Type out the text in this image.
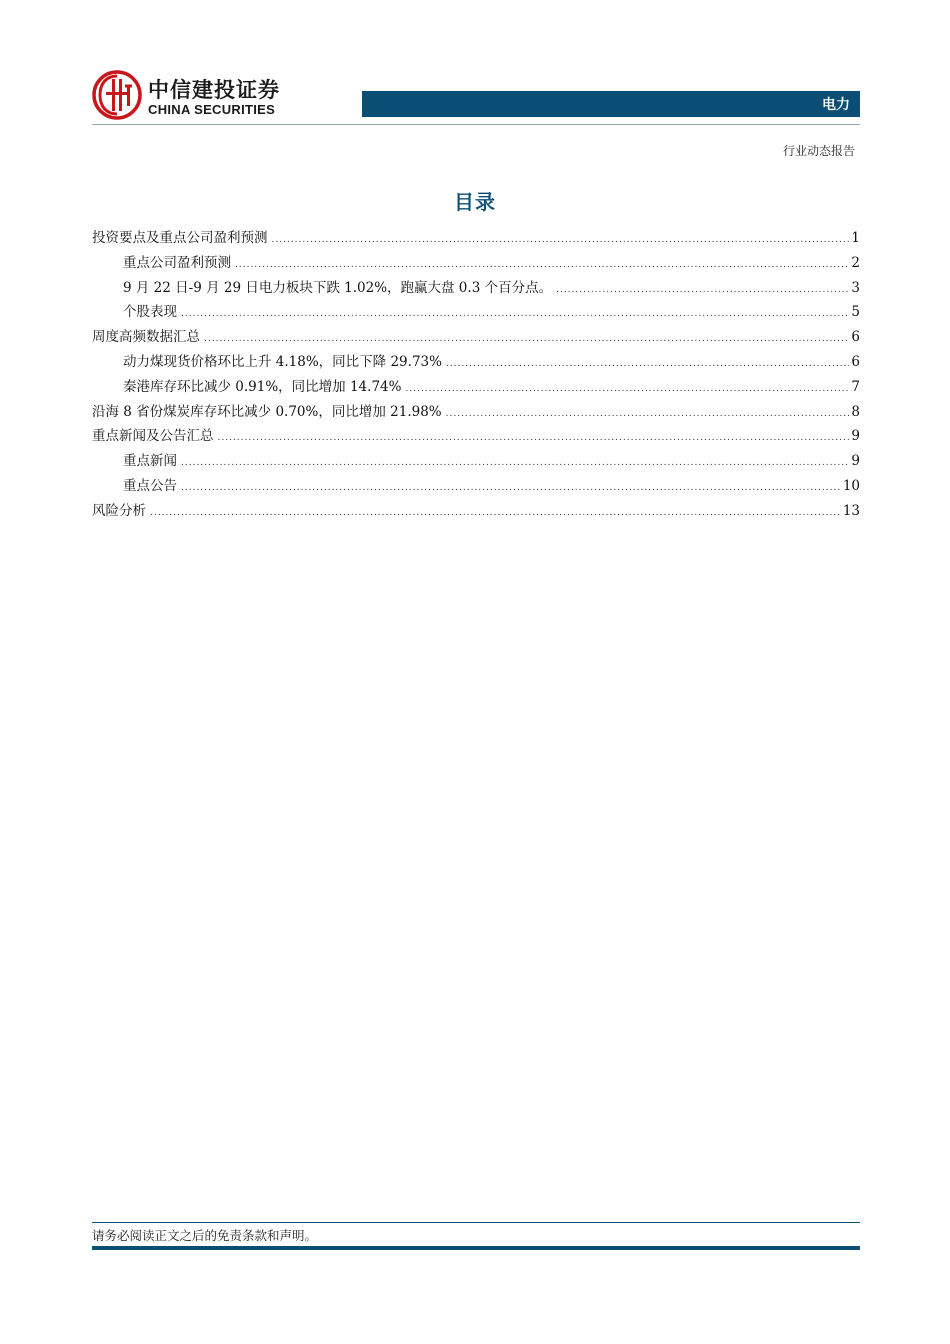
中信建投证券
CHINA SECURITIES	电力
行业动态报告
目录
投资要点及重点公司盈利预测 .....	1
重点公司盈利预测 .....	2
9 月 22 日-9 月 29 日电力板块下跌 1.02%，跑赢大盘 0.3 个百分点。 .....	3
个股表现 .....	5
周度高频数据汇总 .....	6
动力煤现货价格环比上升 4.18%，同比下降 29.73% .....	6
秦港库存环比减少 0.91%，同比增加 14.74% .....	7
沿海 8 省份煤炭库存环比减少 0.70%，同比增加 21.98% .....	8
重点新闻及公告汇总 .....	9
重点新闻 .....	9
重点公告 .....	10
风险分析 .....	13
请务必阅读正文之后的免责条款和声明。
